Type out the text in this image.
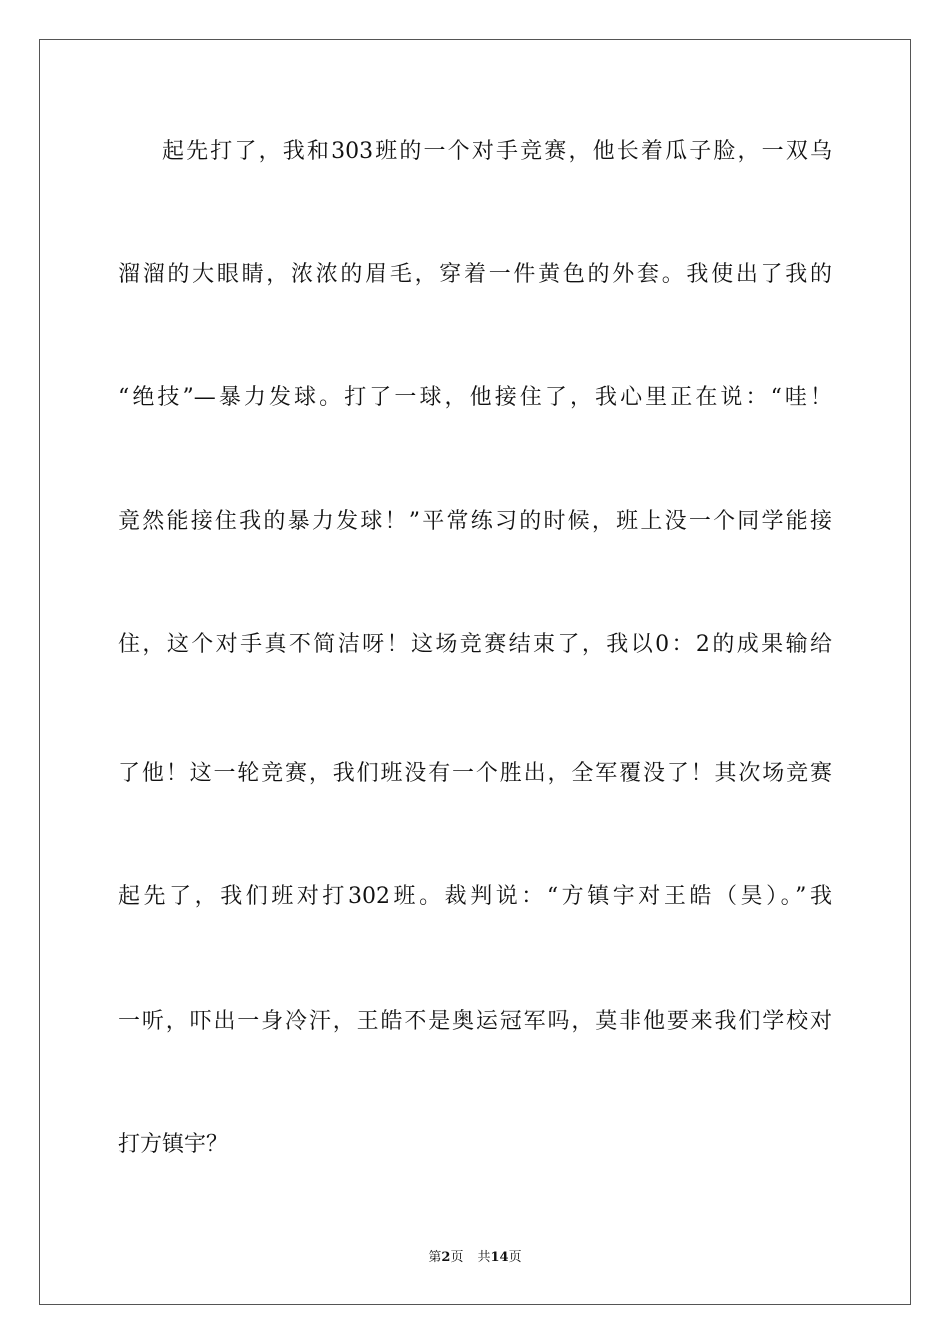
起先打了，我和303班的一个对手竞赛，他长着瓜子脸，一双乌
溜溜的大眼睛，浓浓的眉毛，穿着一件黄色的外套。我使出了我的
“绝技”—暴力发球。打了一球，他接住了，我心里正在说：“哇！
竟然能接住我的暴力发球！”平常练习的时候，班上没一个同学能接
住，这个对手真不简洁呀！这场竞赛结束了，我以0：2的成果输给
了他！这一轮竞赛，我们班没有一个胜出，全军覆没了！其次场竞赛
起先了，我们班对打302班。裁判说：“方镇宇对王皓（昊）。”我
一听，吓出一身冷汗，王皓不是奥运冠军吗，莫非他要来我们学校对
打方镇宇？
第2页 共14页
